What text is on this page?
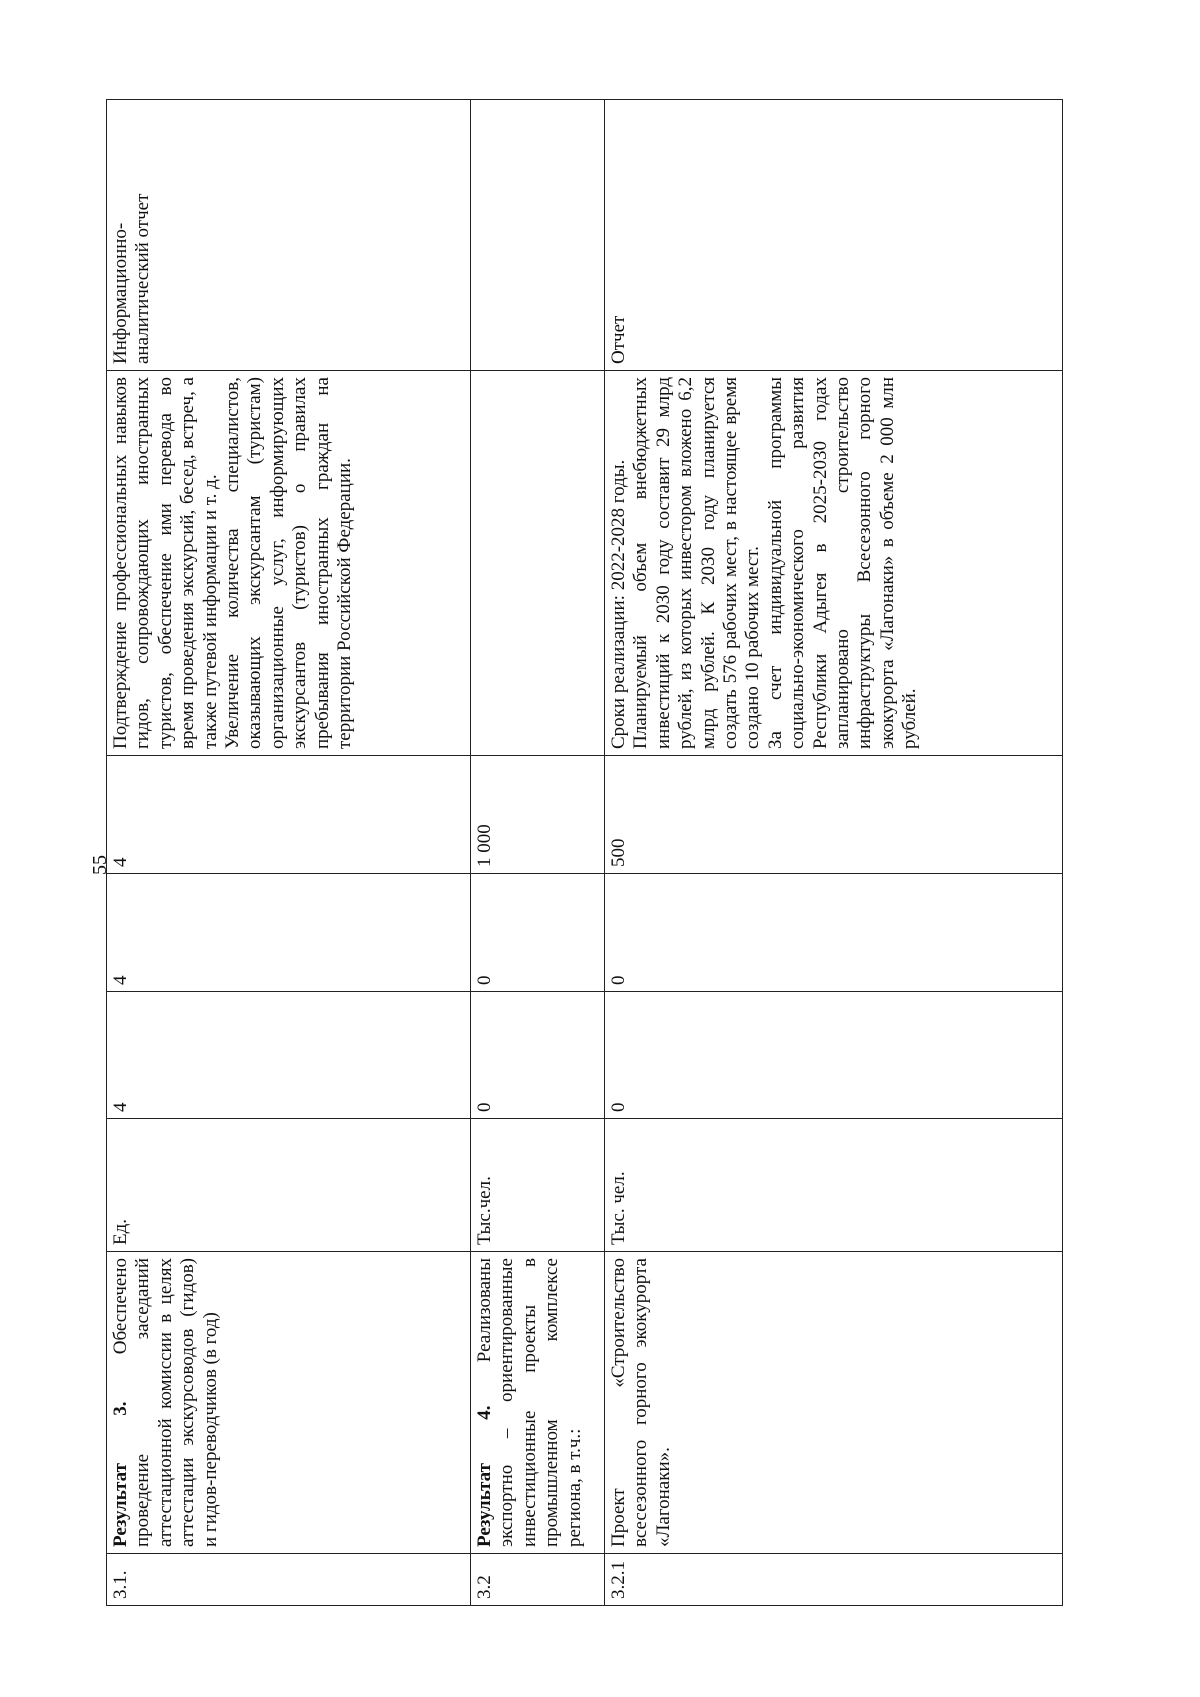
55
3.1.	Результат 3. Обеспечено проведение заседаний аттестационной комиссии в целях аттестации экскурсоводов (гидов) и гидов-переводчиков (в год)	Ед.	4	4	4	Подтверждение профессиональных навыков гидов, сопровождающих иностранных туристов, обеспечение ими перевода во время проведения экскурсий, бесед, встреч, а также путевой информации и т. д. Увеличение количества специалистов, оказывающих экскурсантам (туристам) организационные услуг, информирующих экскурсантов (туристов) о правилах пребывания иностранных граждан на территории Российской Федерации.	Информационно-аналитический отчет
3.2	Результат 4. Реализованы экспортно – ориентированные инвестиционные проекты в промышленном комплексе региона, в т.ч.:	Тыс.чел.	0	0	1 000		
3.2.1	Проект «Строительство всесезонного горного экокурорта «Лагонаки».	Тыс. чел.	0	0	500	Сроки реализации: 2022-2028 годы. Планируемый объем внебюджетных инвестиций к 2030 году составит 29 млрд рублей, из которых инвестором вложено 6,2 млрд рублей. К 2030 году планируется создать 576 рабочих мест, в настоящее время создано 10 рабочих мест. За счет индивидуальной программы социально-экономического развития Республики Адыгея в 2025-2030 годах запланировано строительство инфраструктуры Всесезонного горного экокурорта «Лагонаки» в объеме 2 000 млн рублей.	Отчет
